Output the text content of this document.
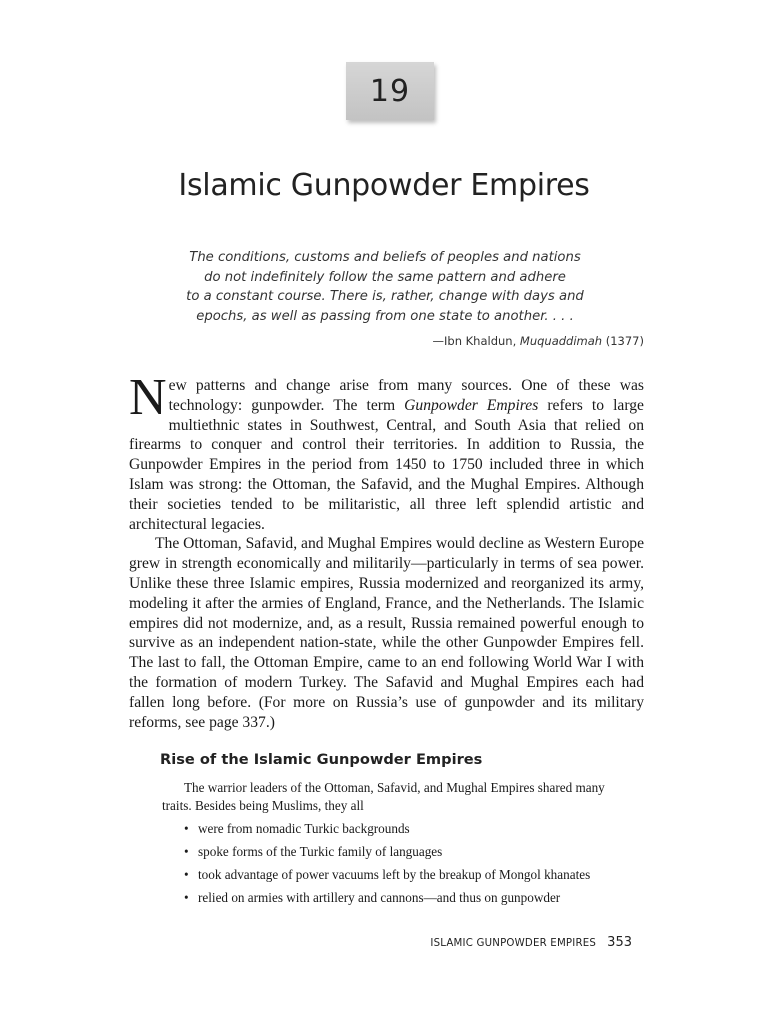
19
Islamic Gunpowder Empires
The conditions, customs and beliefs of peoples and nations
do not indefinitely follow the same pattern and adhere
to a constant course. There is, rather, change with days and
epochs, as well as passing from one state to another. . . .
—Ibn Khaldun, Muquaddimah (1377)

New patterns and change arise from many sources. One of these was technology: gunpowder. The term Gunpowder Empires refers to large multiethnic states in Southwest, Central, and South Asia that relied on firearms to conquer and control their territories. In addition to Russia, the Gunpowder Empires in the period from 1450 to 1750 included three in which Islam was strong: the Ottoman, the Safavid, and the Mughal Empires. Although their societies tended to be militaristic, all three left splendid artistic and architectural legacies.

The Ottoman, Safavid, and Mughal Empires would decline as Western Europe grew in strength economically and militarily—particularly in terms of sea power. Unlike these three Islamic empires, Russia modernized and reorganized its army, modeling it after the armies of England, France, and the Netherlands. The Islamic empires did not modernize, and, as a result, Russia remained powerful enough to survive as an independent nation-state, while the other Gunpowder Empires fell. The last to fall, the Ottoman Empire, came to an end following World War I with the formation of modern Turkey. The Safavid and Mughal Empires each had fallen long before. (For more on Russia’s use of gunpowder and its military reforms, see page 337.)

Rise of the Islamic Gunpowder Empires

The warrior leaders of the Ottoman, Safavid, and Mughal Empires shared many traits. Besides being Muslims, they all

• were from nomadic Turkic backgrounds
• spoke forms of the Turkic family of languages
• took advantage of power vacuums left by the breakup of Mongol khanates
• relied on armies with artillery and cannons—and thus on gunpowder
ISLAMIC GUNPOWDER EMPIRES 353
